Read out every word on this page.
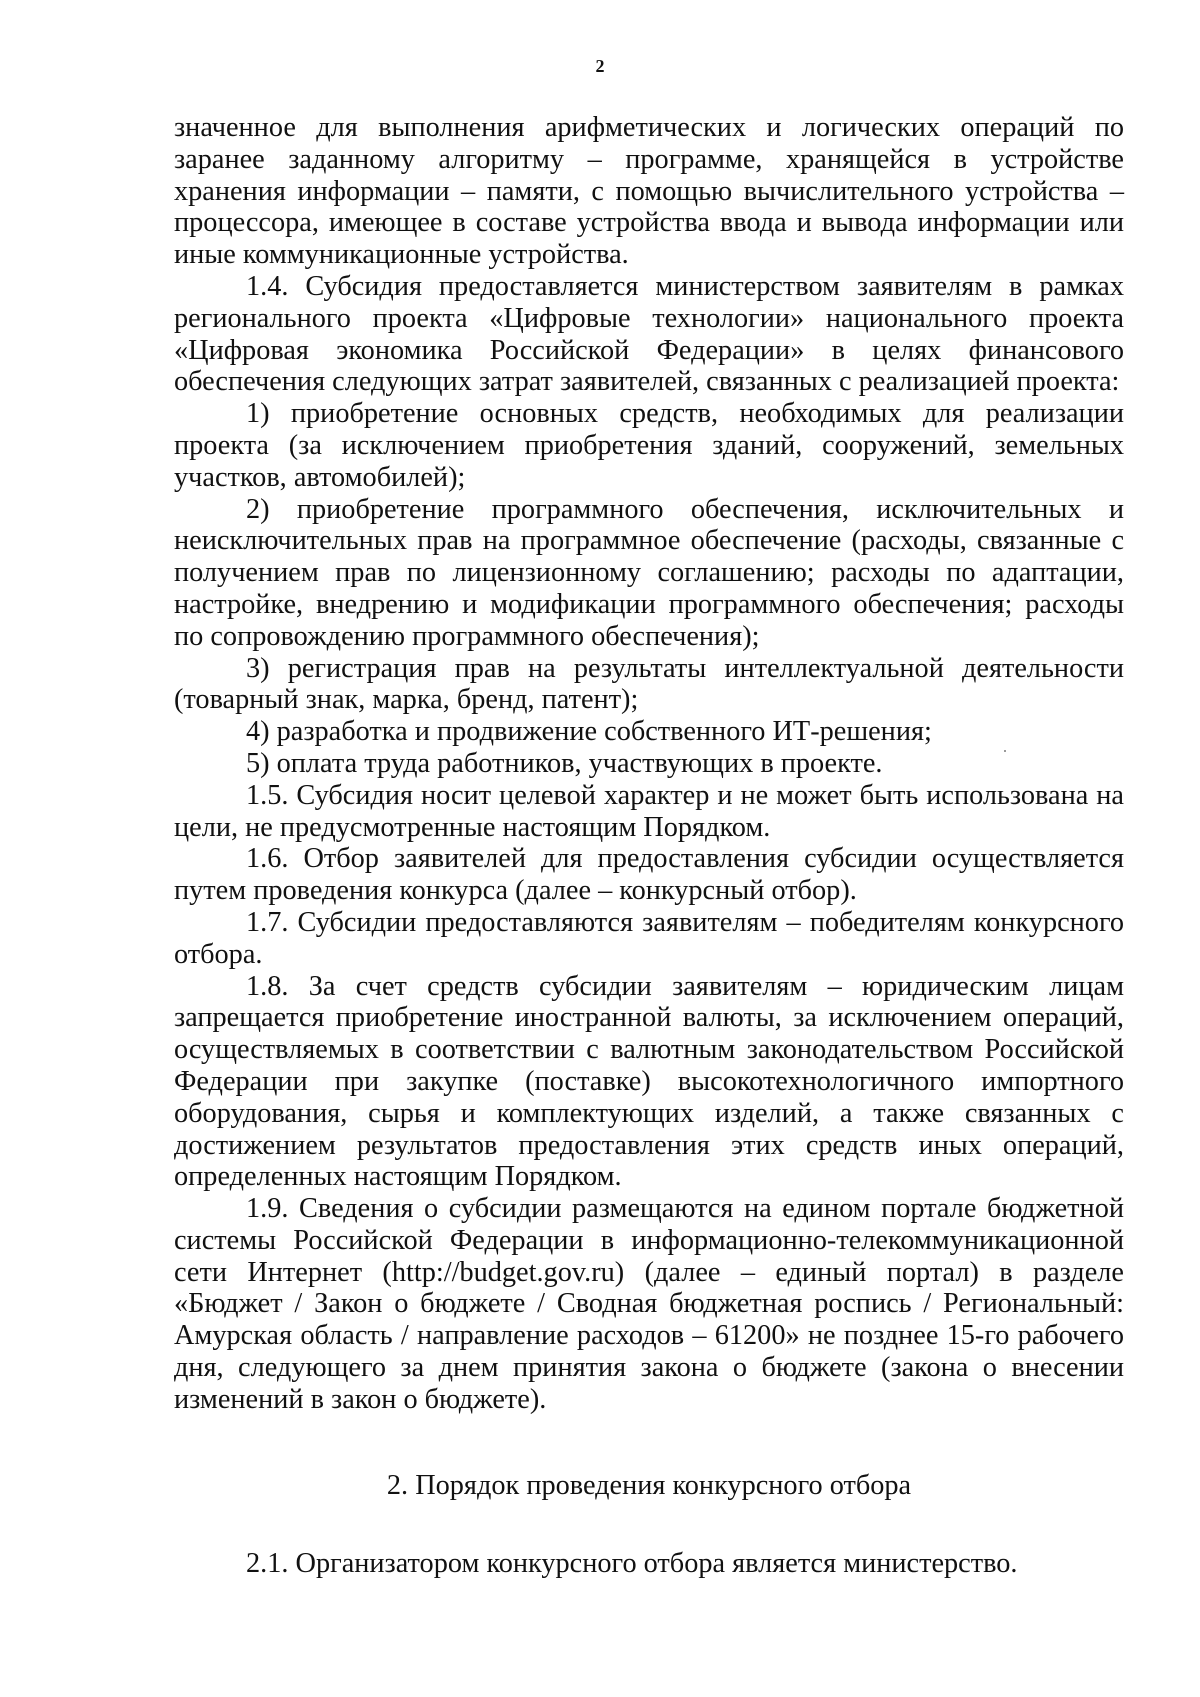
2

значенное для выполнения арифметических и логических операций по заранее заданному алгоритму – программе, хранящейся в устройстве хранения информации – памяти, с помощью вычислительного устройства – процессора, имеющее в составе устройства ввода и вывода информации или иные коммуникационные устройства.

1.4. Субсидия предоставляется министерством заявителям в рамках регионального проекта «Цифровые технологии» национального проекта «Цифровая экономика Российской Федерации» в целях финансового обеспечения следующих затрат заявителей, связанных с реализацией проекта:

1) приобретение основных средств, необходимых для реализации проекта (за исключением приобретения зданий, сооружений, земельных участков, автомобилей);

2) приобретение программного обеспечения, исключительных и неисключительных прав на программное обеспечение (расходы, связанные с получением прав по лицензионному соглашению; расходы по адаптации, настройке, внедрению и модификации программного обеспечения; расходы по сопровождению программного обеспечения);

3) регистрация прав на результаты интеллектуальной деятельности (товарный знак, марка, бренд, патент);

4) разработка и продвижение собственного ИТ-решения;

5) оплата труда работников, участвующих в проекте.

1.5. Субсидия носит целевой характер и не может быть использована на цели, не предусмотренные настоящим Порядком.

1.6. Отбор заявителей для предоставления субсидии осуществляется путем проведения конкурса (далее – конкурсный отбор).

1.7. Субсидии предоставляются заявителям – победителям конкурсного отбора.

1.8. За счет средств субсидии заявителям – юридическим лицам запрещается приобретение иностранной валюты, за исключением операций, осуществляемых в соответствии с валютным законодательством Российской Федерации при закупке (поставке) высокотехнологичного импортного оборудования, сырья и комплектующих изделий, а также связанных с достижением результатов предоставления этих средств иных операций, определенных настоящим Порядком.

1.9. Сведения о субсидии размещаются на едином портале бюджетной системы Российской Федерации в информационно-телекоммуникационной сети Интернет (http://budget.gov.ru) (далее – единый портал) в разделе «Бюджет / Закон о бюджете / Сводная бюджетная роспись / Региональный: Амурская область / направление расходов – 61200» не позднее 15-го рабочего дня, следующего за днем принятия закона о бюджете (закона о внесении изменений в закон о бюджете).

2. Порядок проведения конкурсного отбора
2.1. Организатором конкурсного отбора является министерство.
